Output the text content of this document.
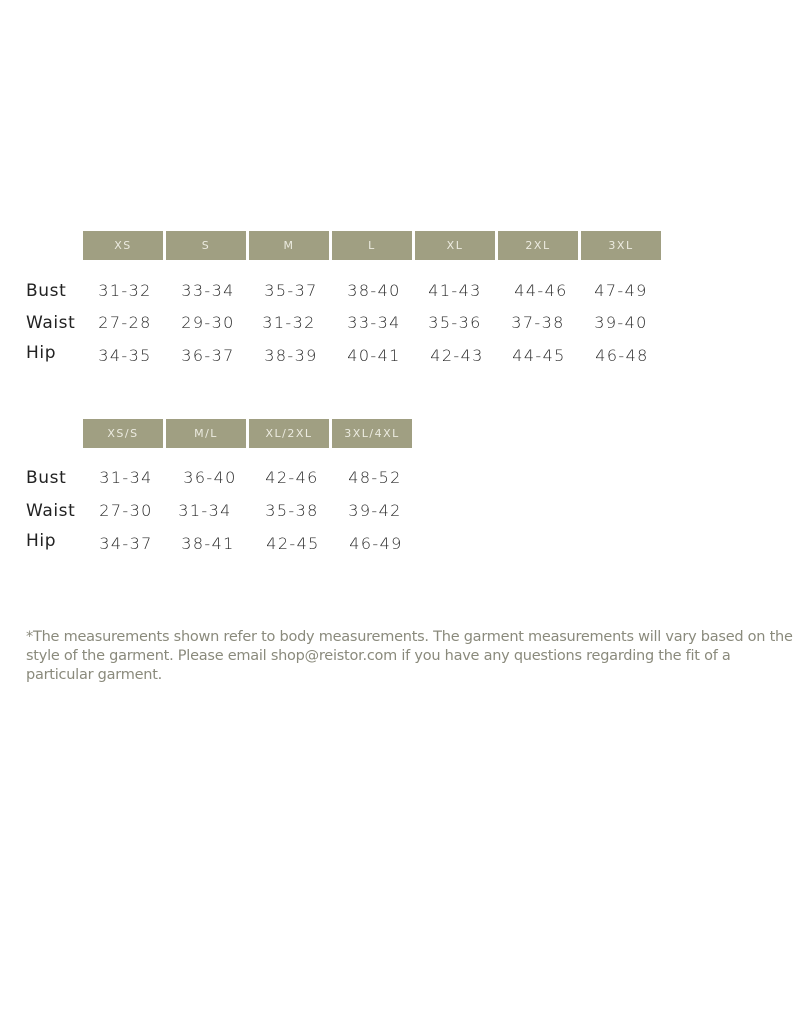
XS	S	M	L	XL	2XL	3XL
Bust	31-32	33-34	35-37	38-40	41-43	44-46	47-49
Waist	27-28	29-30	31-32	33-34	35-36	37-38	39-40
Hip	34-35	36-37	38-39	40-41	42-43	44-45	46-48
XS/S	M/L	XL/2XL	3XL/4XL
Bust	31-34	36-40	42-46	48-52
Waist	27-30	31-34	35-38	39-42
Hip	34-37	38-41	42-45	46-49

*The measurements shown refer to body measurements. The garment measurements will vary based on the style of the garment. Please email shop@reistor.com if you have any questions regarding the fit of a particular garment.
